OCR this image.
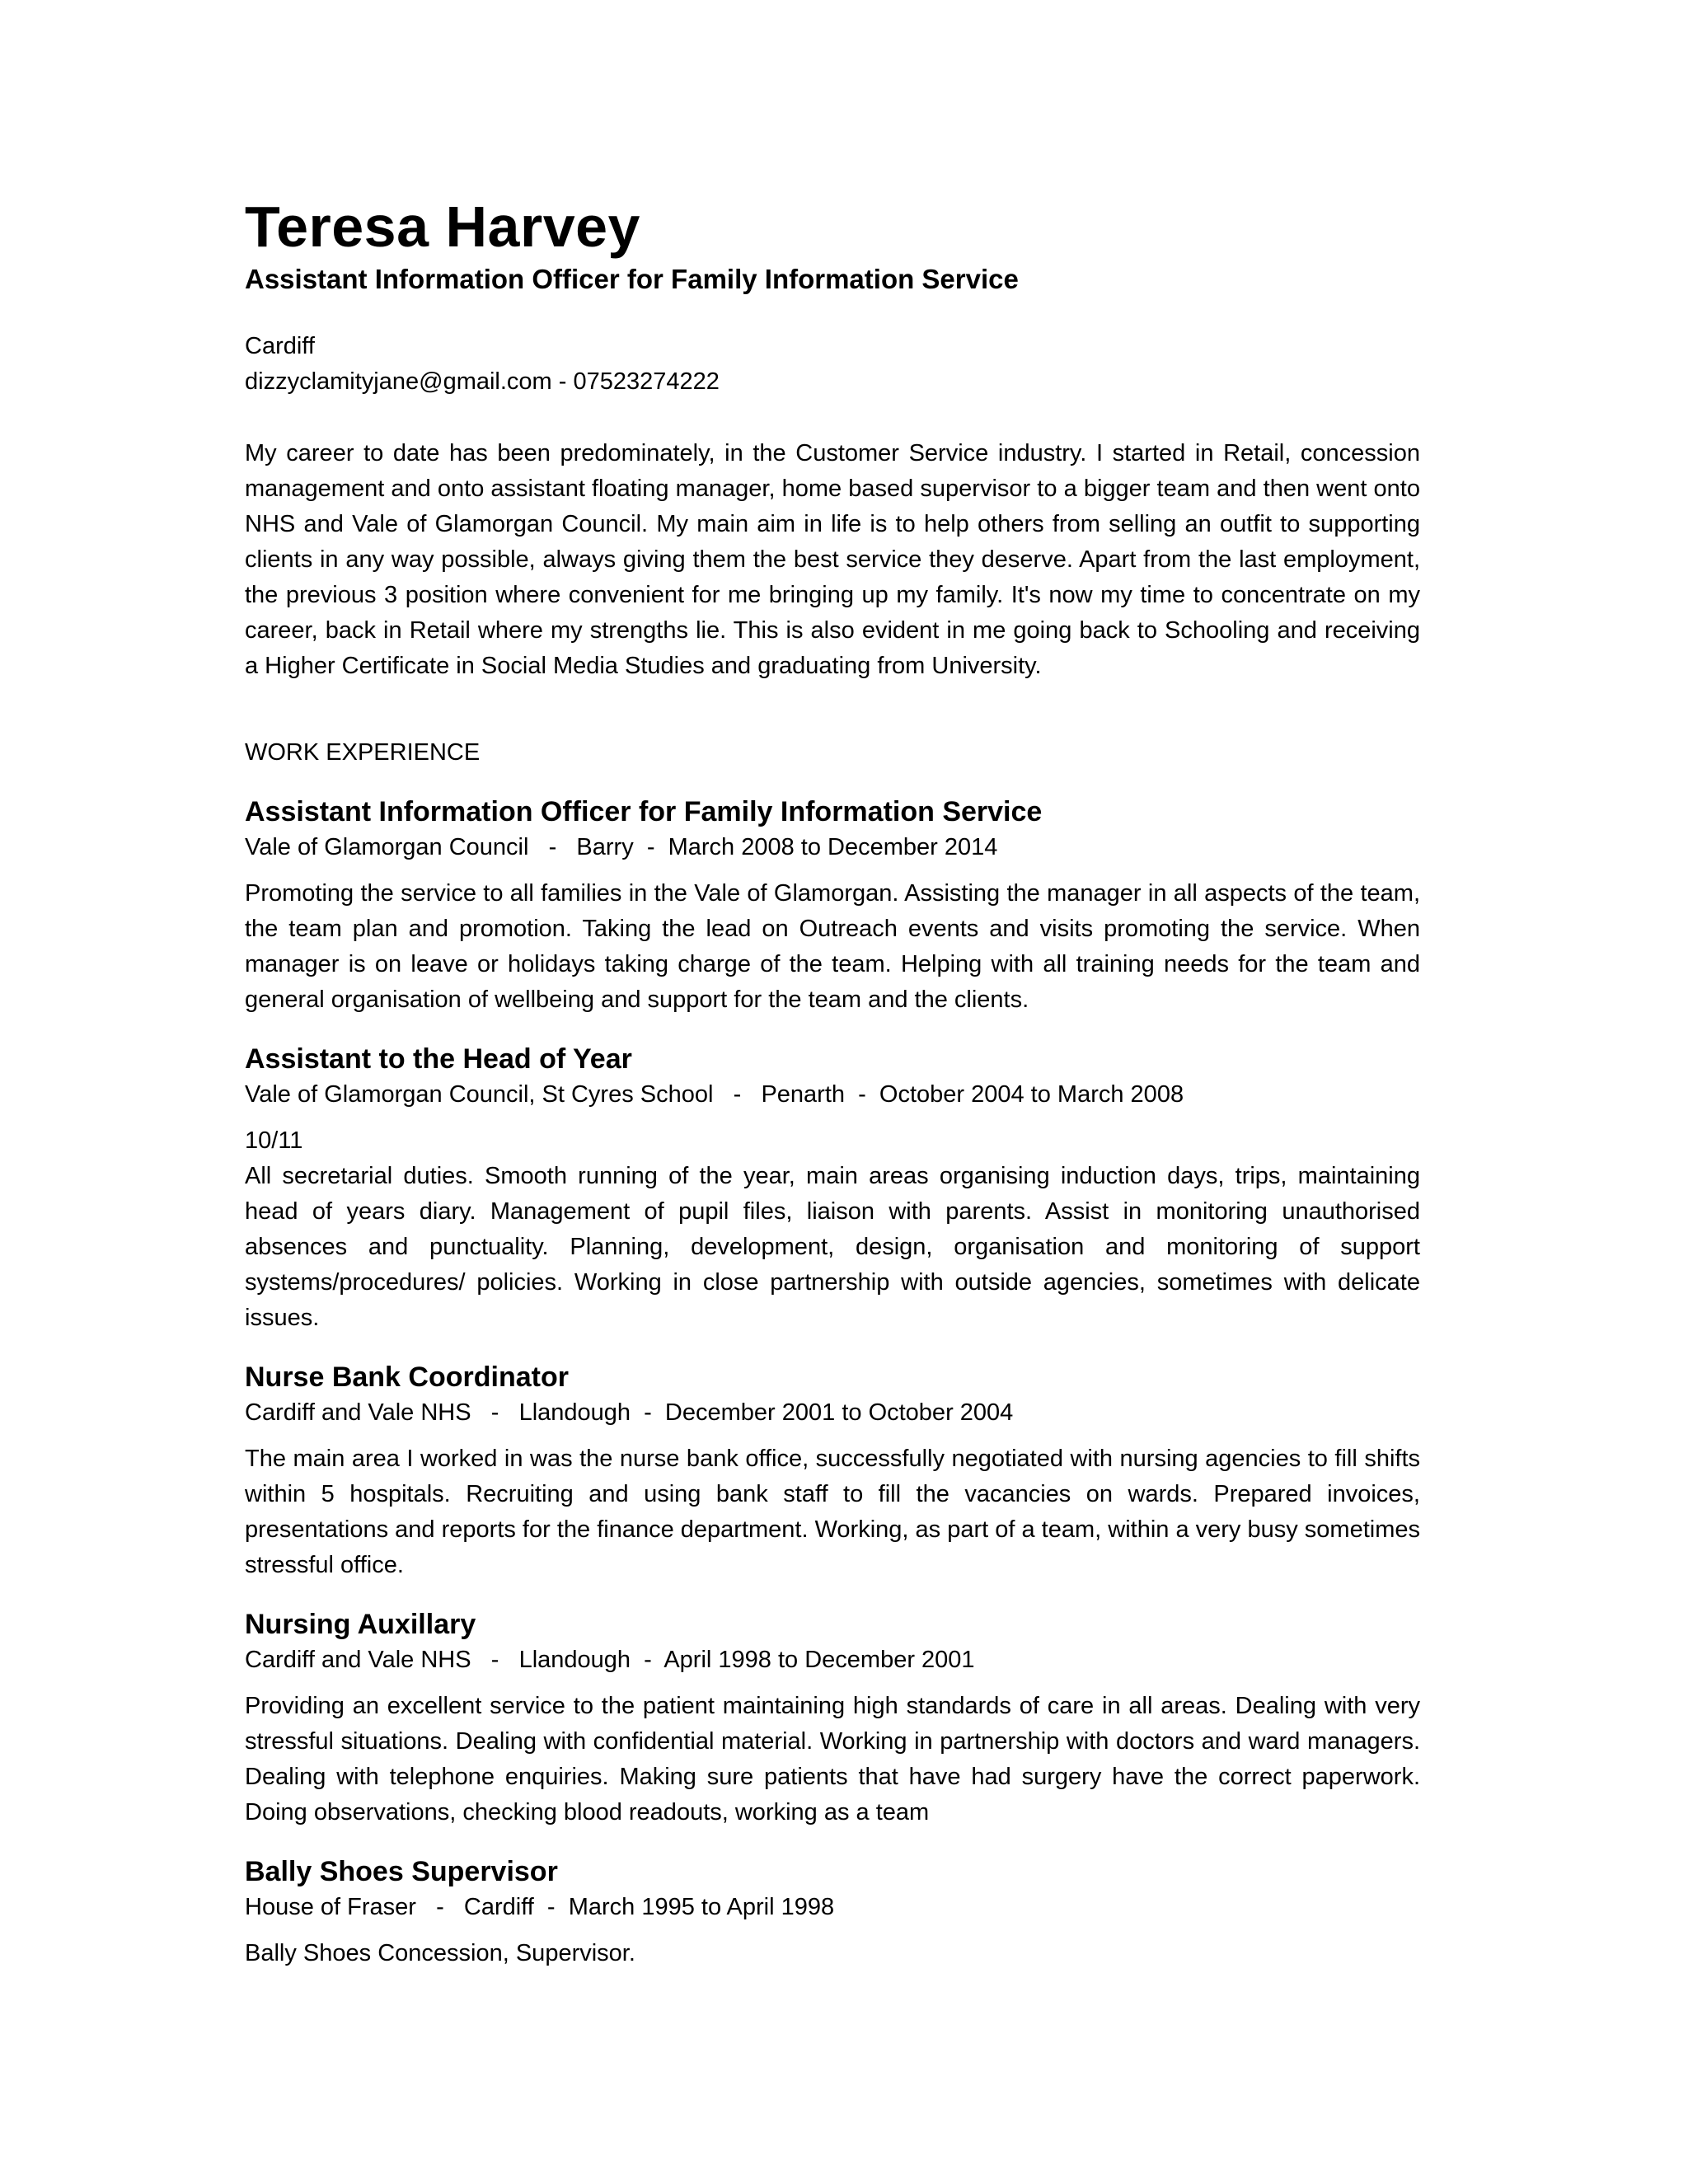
Teresa Harvey
Assistant Information Officer for Family Information Service
Cardiff
dizzyclamityjane@gmail.com - 07523274222
My career to date has been predominately, in the Customer Service industry. I started in Retail, concession management and onto assistant floating manager, home based supervisor to a bigger team and then went onto NHS and Vale of Glamorgan Council. My main aim in life is to help others from selling an outfit to supporting clients in any way possible, always giving them the best service they deserve. Apart from the last employment, the previous 3 position where convenient for me bringing up my family. It's now my time to concentrate on my career, back in Retail where my strengths lie. This is also evident in me going back to Schooling and receiving a Higher Certificate in Social Media Studies and graduating from University.
WORK EXPERIENCE
Assistant Information Officer for Family Information Service
Vale of Glamorgan Council   -   Barry  -  March 2008 to December 2014
Promoting the service to all families in the Vale of Glamorgan. Assisting the manager in all aspects of the team, the team plan and promotion. Taking the lead on Outreach events and visits promoting the service. When manager is on leave or holidays taking charge of the team. Helping with all training needs for the team and general organisation of wellbeing and support for the team and the clients.
Assistant to the Head of Year
Vale of Glamorgan Council, St Cyres School   -   Penarth  -  October 2004 to March 2008
10/11
All secretarial duties. Smooth running of the year, main areas organising induction days, trips, maintaining head of years diary. Management of pupil files, liaison with parents. Assist in monitoring unauthorised absences and punctuality. Planning, development, design, organisation and monitoring of support systems/procedures/ policies. Working in close partnership with outside agencies, sometimes with delicate issues.
Nurse Bank Coordinator
Cardiff and Vale NHS   -   Llandough  -  December 2001 to October 2004
The main area I worked in was the nurse bank office, successfully negotiated with nursing agencies to fill shifts within 5 hospitals. Recruiting and using bank staff to fill the vacancies on wards. Prepared invoices, presentations and reports for the finance department. Working, as part of a team, within a very busy sometimes stressful office.
Nursing Auxillary
Cardiff and Vale NHS   -   Llandough  -  April 1998 to December 2001
Providing an excellent service to the patient maintaining high standards of care in all areas. Dealing with very stressful situations. Dealing with confidential material. Working in partnership with doctors and ward managers. Dealing with telephone enquiries. Making sure patients that have had surgery have the correct paperwork. Doing observations, checking blood readouts, working as a team
Bally Shoes Supervisor
House of Fraser   -   Cardiff  -  March 1995 to April 1998
Bally Shoes Concession, Supervisor.
